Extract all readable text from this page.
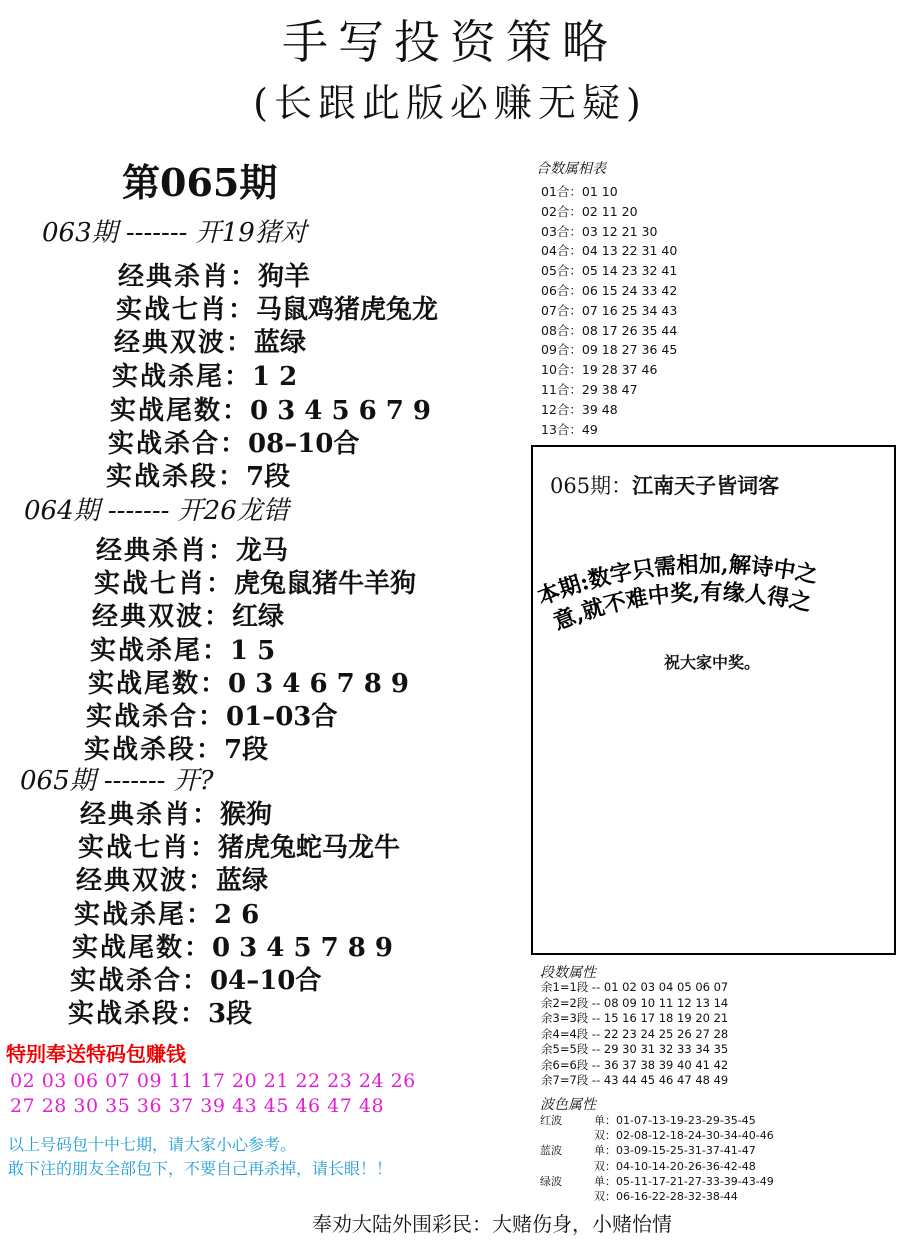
手写投资策略
(长跟此版必赚无疑)
第065期
063期 ------- 开19猪对
经典杀肖：狗羊
实战七肖：马鼠鸡猪虎兔龙
经典双波：蓝绿
实战杀尾：1 2
实战尾数：0 3 4 5 6 7 9
实战杀合：08–10合
实战杀段：7段
064期 ------- 开26龙错
经典杀肖：龙马
实战七肖：虎兔鼠猪牛羊狗
经典双波：红绿
实战杀尾：1 5
实战尾数：0 3 4 6 7 8 9
实战杀合：01–03合
实战杀段：7段
065期 ------- 开?
经典杀肖：猴狗
实战七肖：猪虎兔蛇马龙牛
经典双波：蓝绿
实战杀尾：2 6
实战尾数：0 3 4 5 7 8 9
实战杀合：04–10合
实战杀段：3段
特别奉送特码包赚钱
02 03 06 07 09 11 17 20 21 22 23 24 26
27 28 30 35 36 37 39 43 45 46 47 48
以上号码包十中七期，请大家小心参考。
敢下注的朋友全部包下，不要自己再杀掉，请长眼！！
合数属相表
01合：01 10
02合：02 11 20
03合：03 12 21 30
04合：04 13 22 31 40
05合：05 14 23 32 41
06合：06 15 24 33 42
07合：07 16 25 34 43
08合：08 17 26 35 44
09合：09 18 27 36 45
10合：19 28 37 46
11合：29 38 47
12合：39 48
13合：49
065期：江南天子皆词客
本期:数字只需相加,解诗中之
意,就不难中奖,有缘人得之
祝大家中奖。
段数属性
余1=1段 -- 01 02 03 04 05 06 07
余2=2段 -- 08 09 10 11 12 13 14
余3=3段 -- 15 16 17 18 19 20 21
余4=4段 -- 22 23 24 25 26 27 28
余5=5段 -- 29 30 31 32 33 34 35
余6=6段 -- 36 37 38 39 40 41 42
余7=7段 -- 43 44 45 46 47 48 49
波色属性
红波	单：01-07-13-19-23-29-35-45
双：02-08-12-18-24-30-34-40-46
蓝波	单：03-09-15-25-31-37-41-47
双：04-10-14-20-26-36-42-48
绿波	单：05-11-17-21-27-33-39-43-49
双：06-16-22-28-32-38-44
奉劝大陆外围彩民：大赌伤身，小赌怡情
